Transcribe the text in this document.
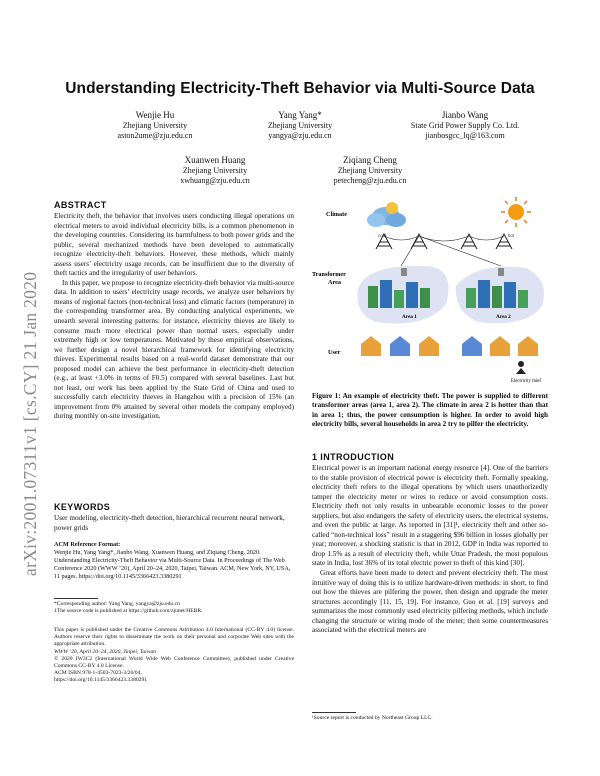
Understanding Electricity-Theft Behavior via Multi-Source Data
Wenjie Hu
Zhejiang University
aston2ume@zju.edu.cn
Yang Yang*
Zhejiang University
yangya@zju.edu.cn
Jianbo Wang
State Grid Power Supply Co. Ltd.
jianbosgcc_lq@163.com
Xuanwen Huang
Zhejiang University
xwhuang@zju.edu.cn
Ziqiang Cheng
Zhejiang University
petecheng@zju.edu.cn
arXiv:2001.07311v1 [cs.CY] 21 Jan 2020
ABSTRACT

Electricity theft, the behavior that involves users conducting illegal operations on electrical meters to avoid individual electricity bills, is a common phenomenon in the developing countries. Considering its harmfulness to both power grids and the public, several mechanized methods have been developed to automatically recognize electricity-theft behaviors. However, these methods, which mainly assess users’ electricity usage records, can be insufficient due to the diversity of theft tactics and the irregularity of user behaviors.

In this paper, we propose to recognize electricity-theft behavior via multi-source data. In addition to users’ electricity usage records, we analyze user behaviors by means of regional factors (non-technical loss) and climatic factors (temperature) in the corresponding transformer area. By conducting analytical experiments, we unearth several interesting patterns: for instance, electricity thieves are likely to consume much more electrical power than normal users, especially under extremely high or low temperatures. Motivated by these empirical observations, we further design a novel hierarchical framework for identifying electricity thieves. Experimental results based on a real-world dataset demonstrate that our proposed model can achieve the best performance in electricity-theft detection (e.g., at least +3.0% in terms of F0.5) compared with several baselines. Last but not least, our work has been applied by the State Grid of China and used to successfully catch electricity thieves in Hangzhou with a precision of 15% (an improvement from 0% attained by several other models the company employed) during monthly on-site investigation.

KEYWORDS
User modeling, electricity-theft detection, hierarchical recurrent neural network, power grids
ACM Reference Format:
Wenjie Hu, Yang Yang*, Jianbo Wang, Xuanwen Huang, and Ziqiang Cheng. 2020. Understanding Electricity-Theft Behavior via Multi-Source Data. In Proceedings of The Web Conference 2020 (WWW ’20), April 20–24, 2020, Taipei, Taiwan. ACM, New York, NY, USA, 11 pages. https://doi.org/10.1145/3366423.3380291
*Corresponding author: Yang Yang, yangya@zju.edu.cn
1The source code is published at https://github.com/zjunet/HEBR.
This paper is published under the Creative Commons Attribution 4.0 International (CC-BY 4.0) license. Authors reserve their rights to disseminate the work on their personal and corporate Web sites with the appropriate attribution.
WWW ’20, April 20–24, 2020, Taipei, Taiwan
© 2020 IW3C2 (International World Wide Web Conference Committee), published under Creative Commons CC-BY 4.0 License.
ACM ISBN 978-1-4503-7023-3/20/04.
https://doi.org/10.1145/3366423.3380291
Climate
Transformer
Area
User
cold	hot
Area 1	Area 2
Electricity thief
Figure 1: An example of electricity theft. The power is supplied to different transformer areas (area 1, area 2). The climate in area 2 is hotter than that in area 1; thus, the power consumption is higher. In order to avoid high electricity bills, several households in area 2 try to pilfer the electricity.
1 INTRODUCTION

Electrical power is an important national energy resource [4]. One of the barriers to the stable provision of electrical power is electricity theft. Formally speaking, electricity theft refers to the illegal operations by which users unauthorizedly tamper the electricity meter or wires to reduce or avoid consumption costs. Electricity theft not only results in unbearable economic losses to the power suppliers, but also endangers the safety of electricity users, the electrical systems, and even the public at large. As reported in [31]¹, electricity theft and other so-called “non-technical loss” result in a staggering $96 billion in losses globally per year; moreover, a shocking statistic is that in 2012, GDP in India was reported to drop 1.5% as a result of electricity theft, while Uttar Pradesh, the most populous state in India, lost 36% of its total electric power to theft of this kind [30].

Great efforts have been made to detect and prevent electricity theft. The most intuitive way of doing this is to utilize hardware-driven methods: in short, to find out how the thieves are pilfering the power, then design and upgrade the meter structures accordingly [11, 15, 19]. For instance, Guo et al. [19] surveys and summarizes the most commonly used electricity pilfering methods, which include changing the structure or wiring mode of the meter; then some countermeasures associated with the electrical meters are

¹Source report is conducted by Northeast Group LLC.
